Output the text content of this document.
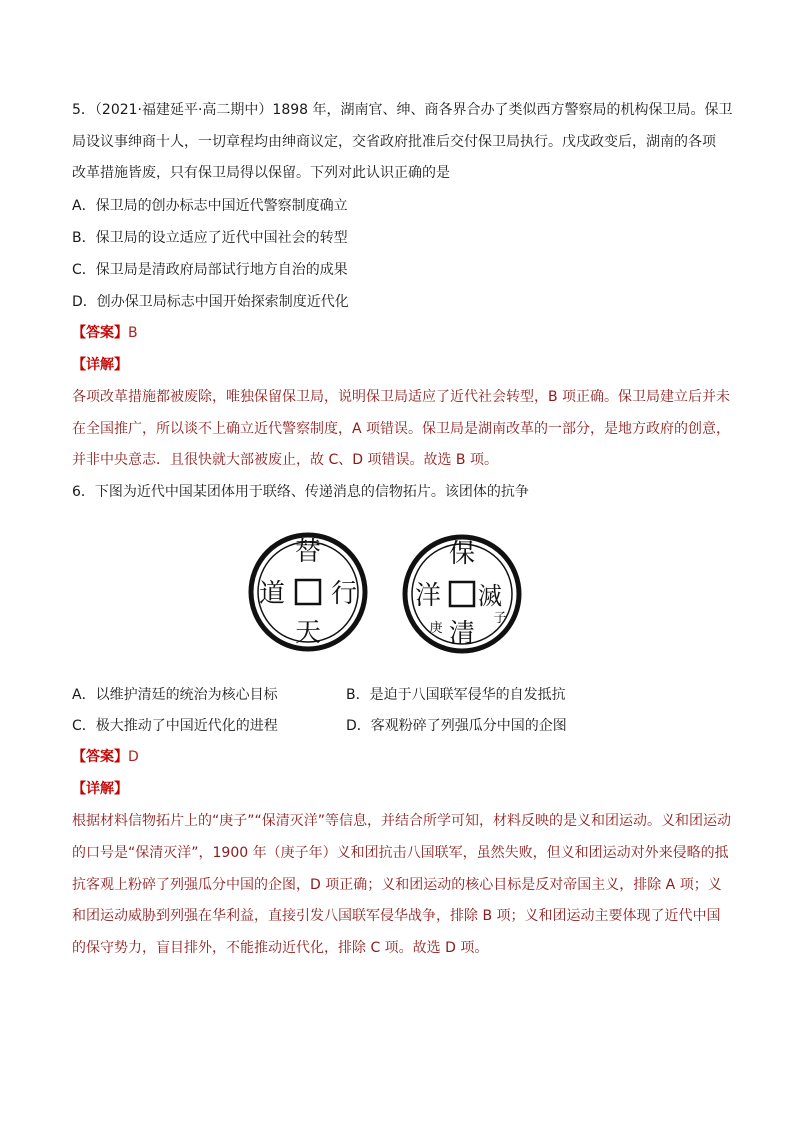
5．（2021·福建延平·高二期中）1898 年，湖南官、绅、商各界合办了类似西方警察局的机构保卫局。保卫
局设议事绅商十人，一切章程均由绅商议定，交省政府批准后交付保卫局执行。戊戌政变后，湖南的各项
改革措施皆废，只有保卫局得以保留。下列对此认识正确的是
A．保卫局的创办标志中国近代警察制度确立
B．保卫局的设立适应了近代中国社会的转型
C．保卫局是清政府局部试行地方自治的成果
D．创办保卫局标志中国开始探索制度近代化
【答案】B
【详解】
各项改革措施都被废除，唯独保留保卫局，说明保卫局适应了近代社会转型，B 项正确。保卫局建立后并未
在全国推广，所以谈不上确立近代警察制度，A 项错误。保卫局是湖南改革的一部分，是地方政府的创意，
并非中央意志．且很快就大部被废止，故 C、D 项错误。故选 B 项。
6．下图为近代中国某团体用于联络、传递消息的信物拓片。该团体的抗争
替
行
天
道
保
滅
清
洋
子
庚
A．以维护清廷的统治为核心目标	B．是迫于八国联军侵华的自发抵抗
C．极大推动了中国近代化的进程	D．客观粉碎了列强瓜分中国的企图
【答案】D
【详解】
根据材料信物拓片上的“庚子”“保清灭洋”等信息，并结合所学可知，材料反映的是义和团运动。义和团运动
的口号是“保清灭洋”，1900 年（庚子年）义和团抗击八国联军，虽然失败，但义和团运动对外来侵略的抵
抗客观上粉碎了列强瓜分中国的企图，D 项正确；义和团运动的核心目标是反对帝国主义，排除 A 项；义
和团运动威胁到列强在华利益，直接引发八国联军侵华战争，排除 B 项；义和团运动主要体现了近代中国
的保守势力，盲目排外，不能推动近代化，排除 C 项。故选 D 项。
